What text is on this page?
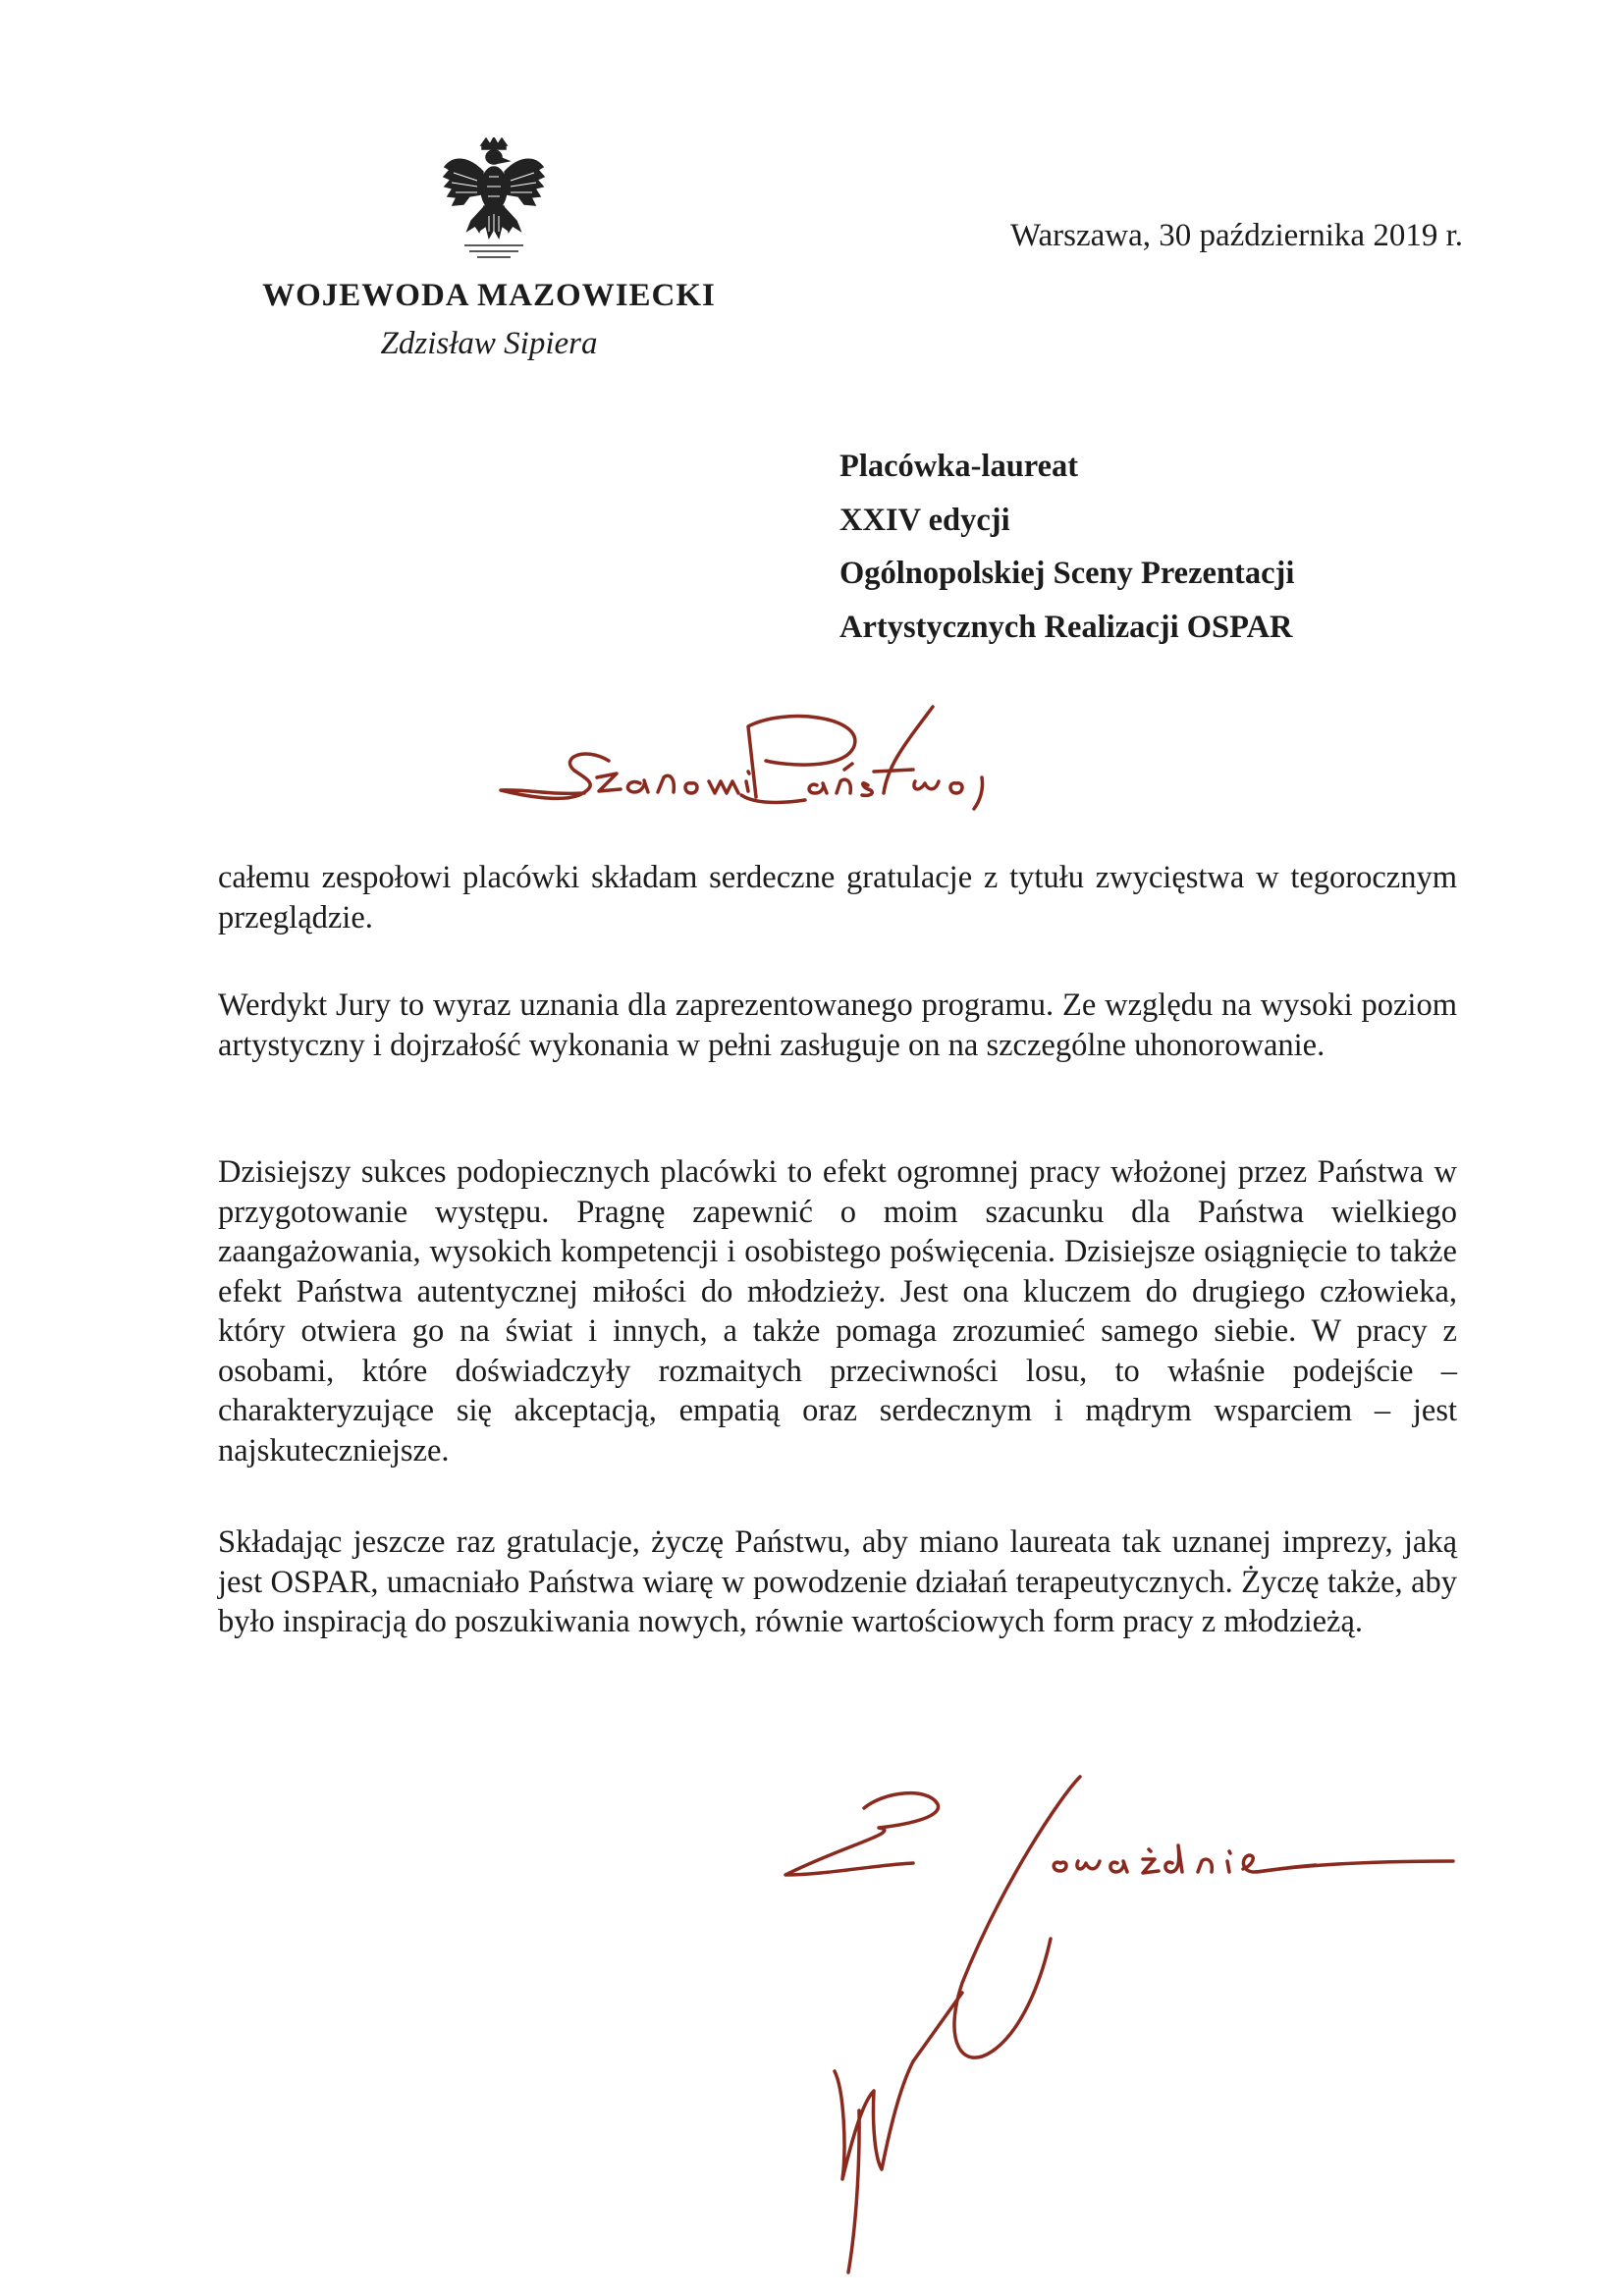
WOJEWODA MAZOWIECKI
Zdzisław Sipiera
Warszawa, 30 października 2019 r.
Placówka-laureat
XXIV edycji
Ogólnopolskiej Sceny Prezentacji
Artystycznych Realizacji OSPAR
całemu zespołowi placówki składam serdeczne gratulacje z tytułu zwycięstwa w tegorocznym przeglądzie.
Werdykt Jury to wyraz uznania dla zaprezentowanego programu. Ze względu na wysoki poziom artystyczny i dojrzałość wykonania w pełni zasługuje on na szczególne uhonorowanie.
Dzisiejszy sukces podopiecznych placówki to efekt ogromnej pracy włożonej przez Państwa w przygotowanie występu. Pragnę zapewnić o moim szacunku dla Państwa wielkiego zaangażowania, wysokich kompetencji i osobistego poświęcenia. Dzisiejsze osiągnięcie to także efekt Państwa autentycznej miłości do młodzieży. Jest ona kluczem do drugiego człowieka, który otwiera go na świat i innych, a także pomaga zrozumieć samego siebie. W pracy z osobami, które doświadczyły rozmaitych przeciwności losu, to właśnie podejście – charakteryzujące się akceptacją, empatią oraz serdecznym i mądrym wsparciem – jest najskuteczniejsze.
Składając jeszcze raz gratulacje, życzę Państwu, aby miano laureata tak uznanej imprezy, jaką jest OSPAR, umacniało Państwa wiarę w powodzenie działań terapeutycznych. Życzę także, aby było inspiracją do poszukiwania nowych, równie wartościowych form pracy z młodzieżą.
